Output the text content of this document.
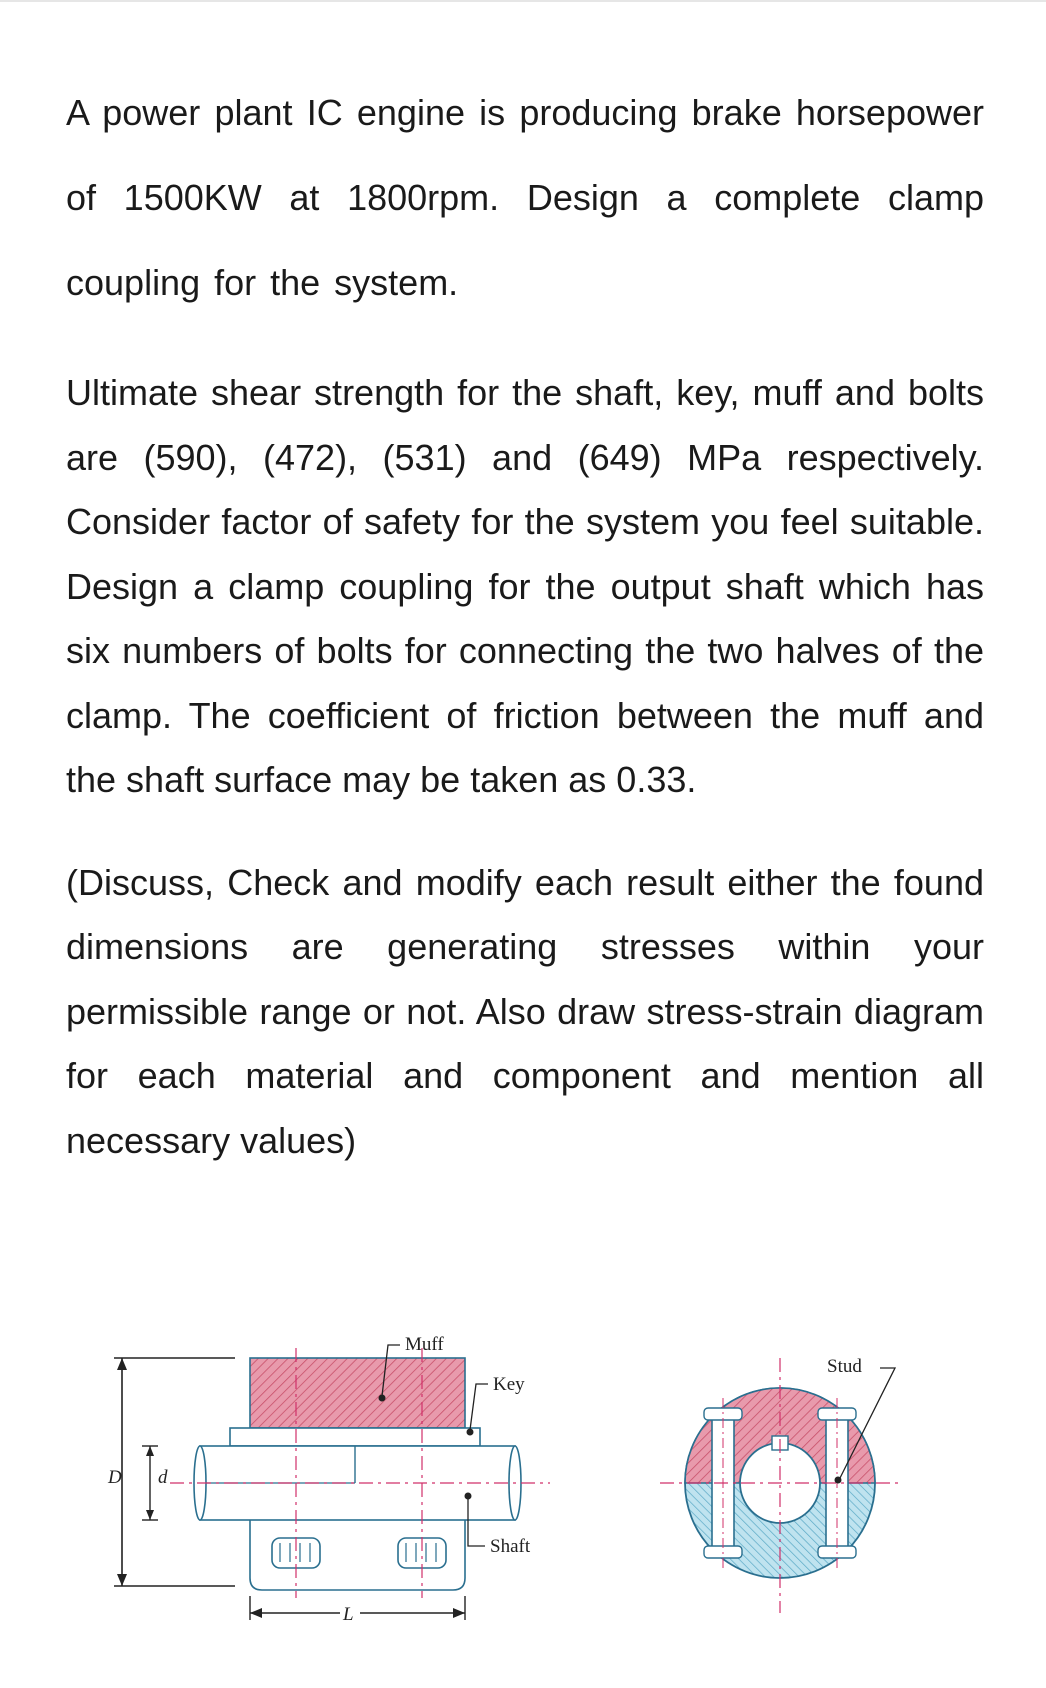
A power plant IC engine is producing brake horsepower of 1500KW at 1800rpm. Design a complete clamp coupling for the system.

Ultimate shear strength for the shaft, key, muff and bolts are (590), (472), (531) and (649) MPa respectively. Consider factor of safety for the system you feel suitable. Design a clamp coupling for the output shaft which has six numbers of bolts for connecting the two halves of the clamp. The coefficient of friction between the muff and the shaft surface may be taken as 0.33.

(Discuss, Check and modify each result either the found dimensions are generating stresses within your permissible range or not. Also draw stress-strain diagram for each material and component and mention all necessary values)

D d
L
Muff
Key
Shaft
Stud
